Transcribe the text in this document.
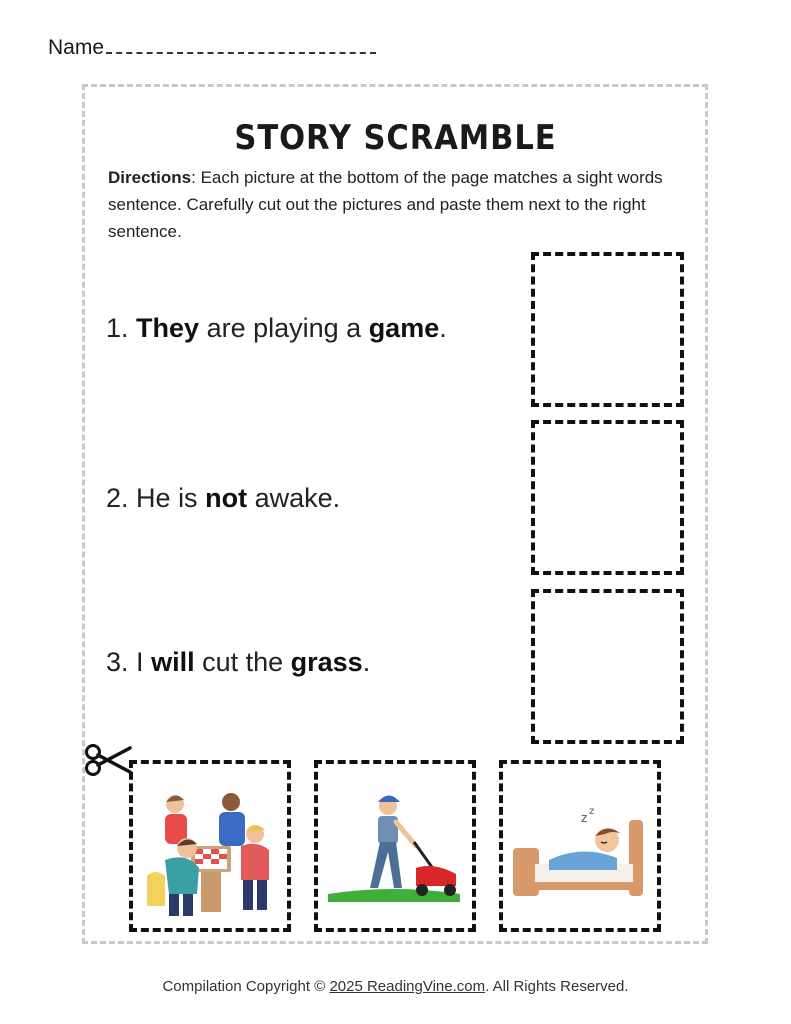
Name
STORY SCRAMBLE
Directions: Each picture at the bottom of the page matches a sight words sentence. Carefully cut out the pictures and paste them next to the right sentence.
1. They are playing a game.
2. He is not awake.
3. I will cut the grass.
z z
Compilation Copyright © 2025 ReadingVine.com. All Rights Reserved.
